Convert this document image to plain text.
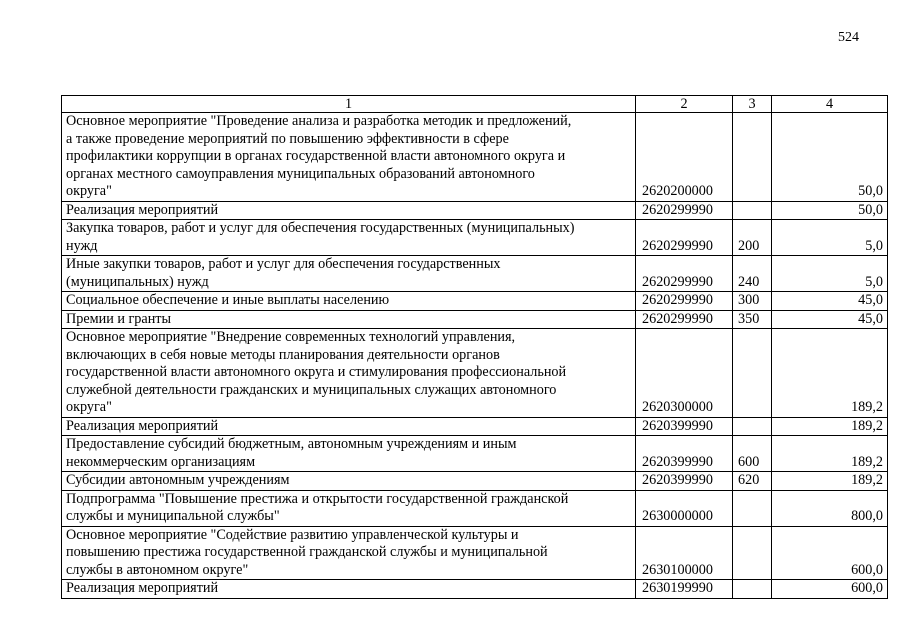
524
1	2	3	4
Основное мероприятие "Проведение анализа и разработка методик и предложений,
а также проведение мероприятий по повышению эффективности в сфере
профилактики коррупции в органах государственной власти автономного округа и
органах местного самоуправления муниципальных образований автономного
округа"	2620200000		50,0
Реализация мероприятий	2620299990		50,0
Закупка товаров, работ и услуг для обеспечения государственных (муниципальных)
нужд	2620299990	200	5,0
Иные закупки товаров, работ и услуг для обеспечения государственных
(муниципальных) нужд	2620299990	240	5,0
Социальное обеспечение и иные выплаты населению	2620299990	300	45,0
Премии и гранты	2620299990	350	45,0
Основное мероприятие "Внедрение современных технологий управления,
включающих в себя новые методы планирования деятельности органов
государственной власти автономного округа и стимулирования профессиональной
служебной деятельности гражданских и муниципальных служащих автономного
округа"	2620300000		189,2
Реализация мероприятий	2620399990		189,2
Предоставление субсидий бюджетным, автономным учреждениям и иным
некоммерческим организациям	2620399990	600	189,2
Субсидии автономным учреждениям	2620399990	620	189,2
Подпрограмма "Повышение престижа и открытости государственной гражданской
службы и муниципальной службы"	2630000000		800,0
Основное мероприятие "Содействие развитию управленческой культуры и
повышению престижа государственной гражданской службы и муниципальной
службы в автономном округе"	2630100000		600,0
Реализация мероприятий	2630199990		600,0
